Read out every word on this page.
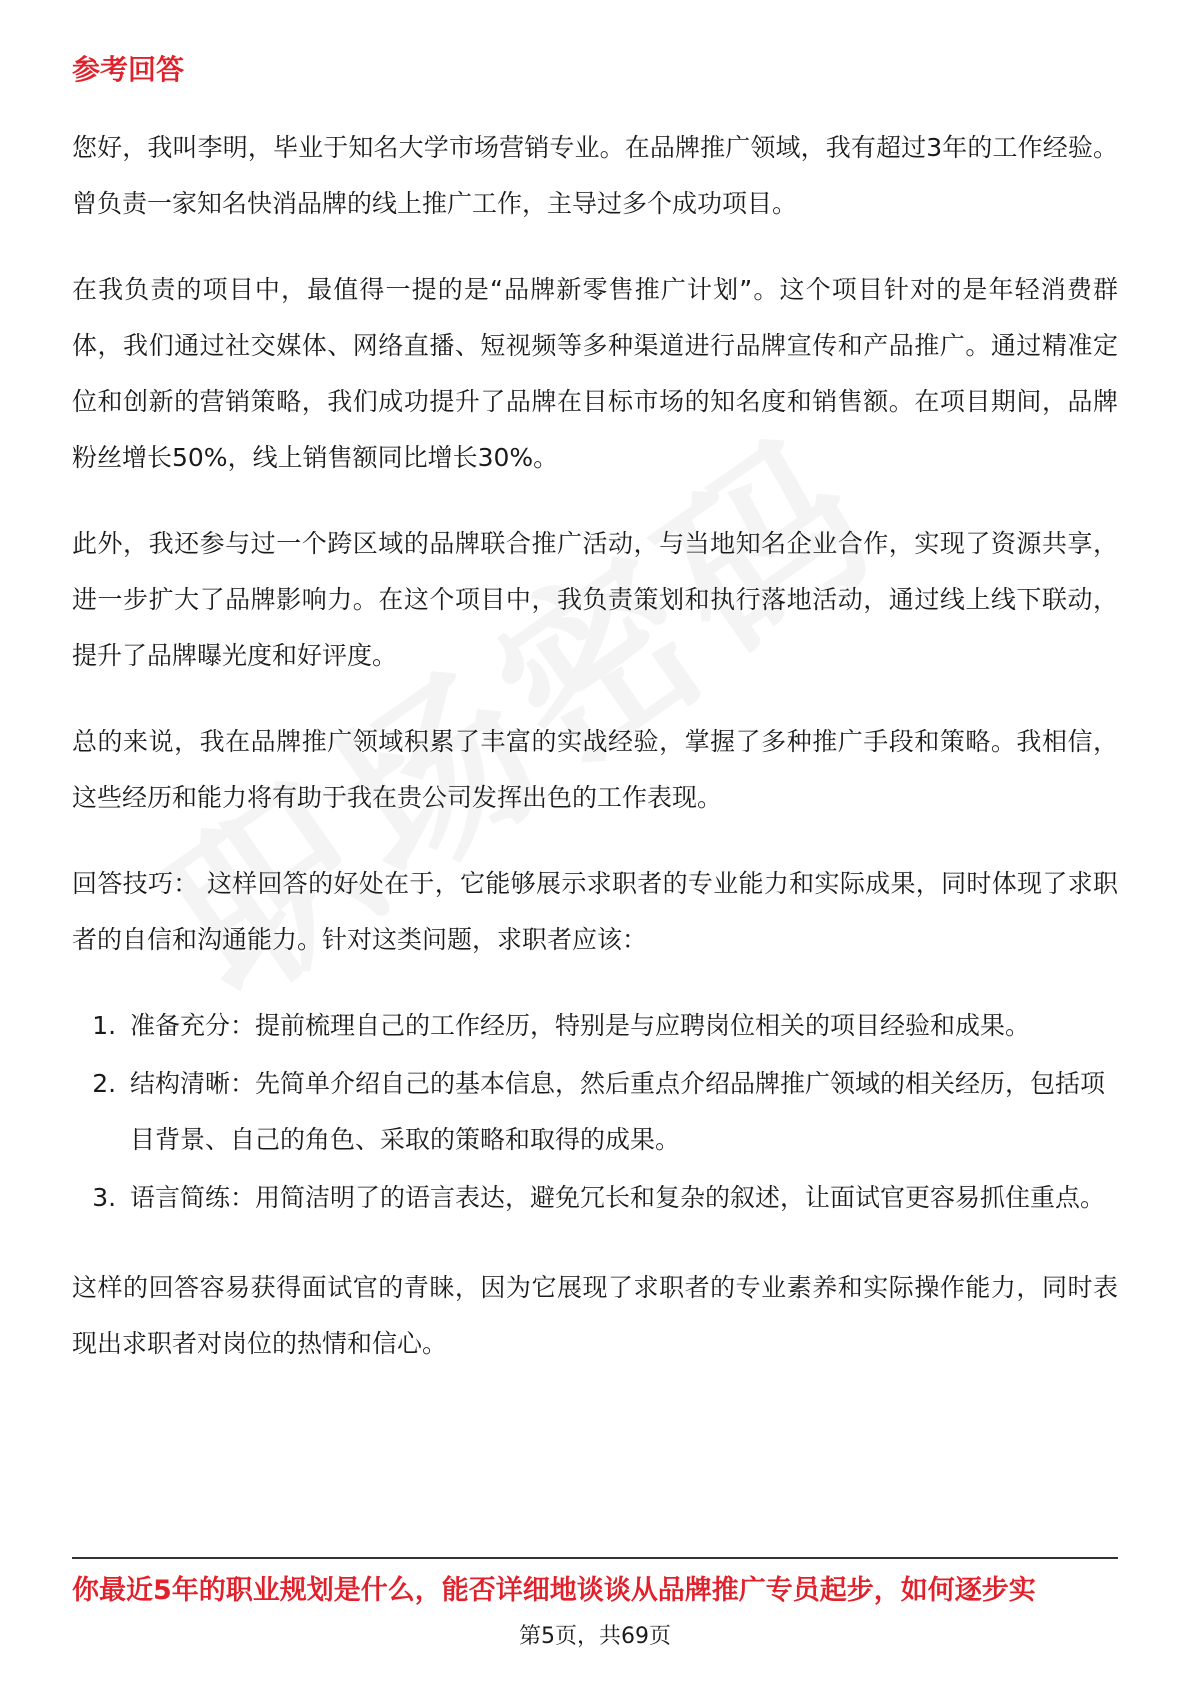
参考回答

您好，我叫李明，毕业于知名大学市场营销专业。在品牌推广领域，我有超过3年的工作经验。曾负责一家知名快消品牌的线上推广工作，主导过多个成功项目。

在我负责的项目中，最值得一提的是“品牌新零售推广计划”。这个项目针对的是年轻消费群体，我们通过社交媒体、网络直播、短视频等多种渠道进行品牌宣传和产品推广。通过精准定位和创新的营销策略，我们成功提升了品牌在目标市场的知名度和销售额。在项目期间，品牌粉丝增长50%，线上销售额同比增长30%。

此外，我还参与过一个跨区域的品牌联合推广活动，与当地知名企业合作，实现了资源共享，进一步扩大了品牌影响力。在这个项目中，我负责策划和执行落地活动，通过线上线下联动，提升了品牌曝光度和好评度。

总的来说，我在品牌推广领域积累了丰富的实战经验，掌握了多种推广手段和策略。我相信，这些经历和能力将有助于我在贵公司发挥出色的工作表现。

回答技巧： 这样回答的好处在于，它能够展示求职者的专业能力和实际成果，同时体现了求职者的自信和沟通能力。针对这类问题，求职者应该：

1. 准备充分：提前梳理自己的工作经历，特别是与应聘岗位相关的项目经验和成果。
2. 结构清晰：先简单介绍自己的基本信息，然后重点介绍品牌推广领域的相关经历，包括项目背景、自己的角色、采取的策略和取得的成果。
3. 语言简练：用简洁明了的语言表达，避免冗长和复杂的叙述，让面试官更容易抓住重点。

这样的回答容易获得面试官的青睐，因为它展现了求职者的专业素养和实际操作能力，同时表现出求职者对岗位的热情和信心。

你最近5年的职业规划是什么，能否详细地谈谈从品牌推广专员起步，如何逐步实
第5页，共69页
